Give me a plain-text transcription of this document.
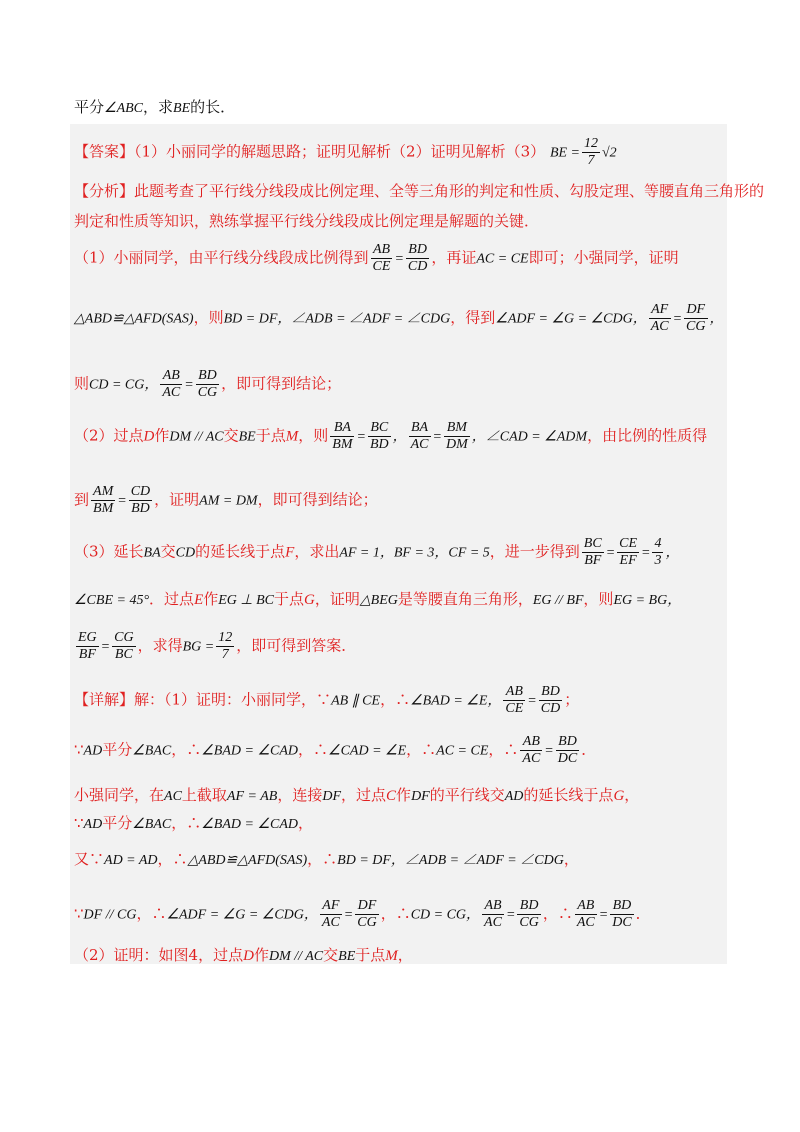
平分∠ABC，求BE的长．
【答案】（1）小丽同学的解题思路；证明见解析（2）证明见解析（3） BE = $\frac{12}{7} √2$
【分析】此题考查了平行线分线段成比例定理、全等三角形的判定和性质、勾股定理、等腰直角三角形的
判定和性质等知识，熟练掌握平行线分线段成比例定理是解题的关键．
（1）小丽同学，由平行线分线段成比例得到 $\frac{AB}{CE} = \frac{BD}{CD}$ ，再证AC = CE即可；小强同学，证明
△ABD≌△AFD(SAS)，则BD = DF，∠ADB = ∠ADF = ∠CDG，得到∠ADF = ∠G = ∠CDG， $\frac{AF}{AC} = \frac{DF}{CG}$ ，
则CD = CG， $\frac{AB}{AC} = \frac{BD}{CG}$ ，即可得到结论；
（2）过点D作DM // AC交BE于点M，则 $\frac{BA}{BM} = \frac{BC}{BD}$ ， $\frac{BA}{AC} = \frac{BM}{DM}$ ，∠CAD = ∠ADM，由比例的性质得
到 $\frac{AM}{BM} = \frac{CD}{BD}$ ，证明AM = DM，即可得到结论；
（3）延长BA交CD的延长线于点F，求出AF = 1，BF = 3，CF = 5，进一步得到 $\frac{BC}{BF} = \frac{CE}{EF} = \frac{4}{3}$ ，
∠CBE = 45°．过点E作EG ⊥ BC于点G，证明△BEG是等腰直角三角形，EG // BF，则EG = BG，
$\frac{EG}{BF} = \frac{CG}{BC}$ ，求得BG = $\frac{12}{7}$ ，即可得到答案．
【详解】解：（1）证明：小丽同学，∵AB ∥ CE，∴∠BAD = ∠E， $\frac{AB}{CE} = \frac{BD}{CD}$ ；
∵AD平分∠BAC，∴∠BAD = ∠CAD，∴∠CAD = ∠E，∴AC = CE，∴ $\frac{AB}{AC} = \frac{BD}{DC}$ ．
小强同学，在AC上截取AF = AB，连接DF，过点C作DF的平行线交AD的延长线于点G，
∵AD平分∠BAC，∴∠BAD = ∠CAD，
又∵AD = AD，∴△ABD≌△AFD(SAS)，∴BD = DF，∠ADB = ∠ADF = ∠CDG，
∵DF // CG，∴∠ADF = ∠G = ∠CDG， $\frac{AF}{AC} = \frac{DF}{CG}$ ，∴CD = CG， $\frac{AB}{AC} = \frac{BD}{CG}$ ，∴ $\frac{AB}{AC} = \frac{BD}{DC}$ ．
（2）证明：如图4，过点D作DM // AC交BE于点M，
